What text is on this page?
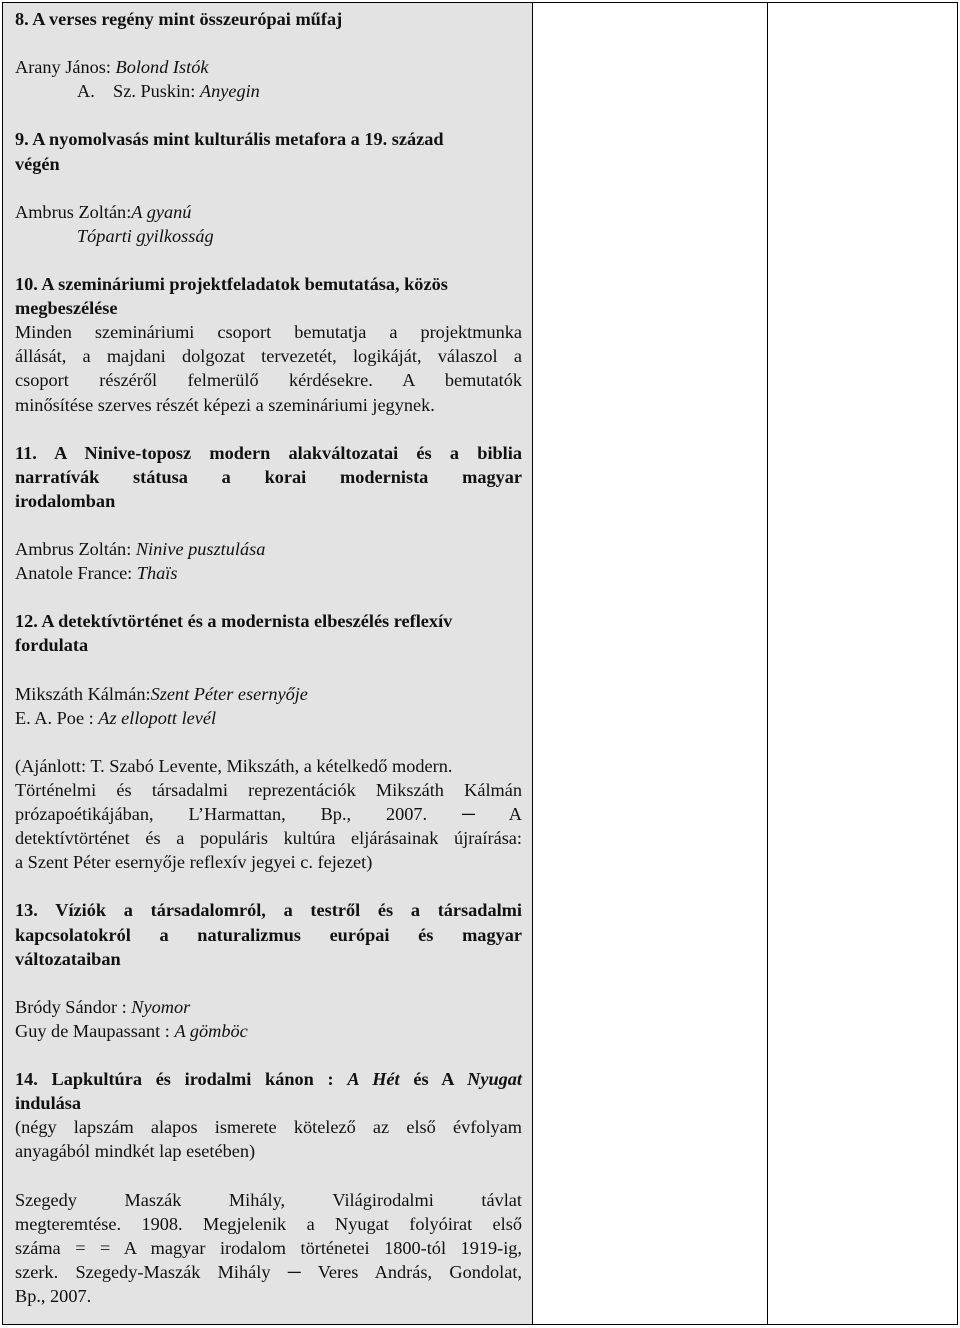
8. A verses regény mint összeurópai műfaj

Arany János: Bolond Istók

A.    Sz. Puskin: Anyegin

9. A nyomolvasás mint kulturális metafora a 19. század

végén

Ambrus Zoltán:A gyanú

Tóparti gyilkosság

10. A szemináriumi projektfeladatok bemutatása, közös

megbeszélése

Minden szemináriumi csoport bemutatja a projektmunka

állását, a majdani dolgozat tervezetét, logikáját, válaszol a

csoport részéről felmerülő kérdésekre. A bemutatók

minősítése szerves részét képezi a szemináriumi jegynek.

11. A Ninive-toposz modern alakváltozatai és a biblia

narratívák státusa a korai modernista magyar

irodalomban

Ambrus Zoltán: Ninive pusztulása

Anatole France: Thaïs

12. A detektívtörténet és a modernista elbeszélés reflexív

fordulata

Mikszáth Kálmán:Szent Péter esernyője

E. A. Poe : Az ellopott levél

(Ajánlott: T. Szabó Levente, Mikszáth, a kételkedő modern.

Történelmi és társadalmi reprezentációk Mikszáth Kálmán

prózapoétikájában, L’Harmattan, Bp., 2007. ─ A

detektívtörténet és a populáris kultúra eljárásainak újraírása:

a Szent Péter esernyője reflexív jegyei c. fejezet)

13. Víziók a társadalomról, a testről és a társadalmi

kapcsolatokról a naturalizmus európai és magyar

változataiban

Bródy Sándor : Nyomor

Guy de Maupassant : A gömböc

14. Lapkultúra és irodalmi kánon : A Hét és A Nyugat

indulása

(négy lapszám alapos ismerete kötelező az első évfolyam

anyagából mindkét lap esetében)

Szegedy Maszák Mihály, Világirodalmi távlat

megteremtése. 1908. Megjelenik a Nyugat folyóirat első

száma = = A magyar irodalom történetei 1800-tól 1919-ig,

szerk. Szegedy-Maszák Mihály ─ Veres András, Gondolat,

Bp., 2007.
